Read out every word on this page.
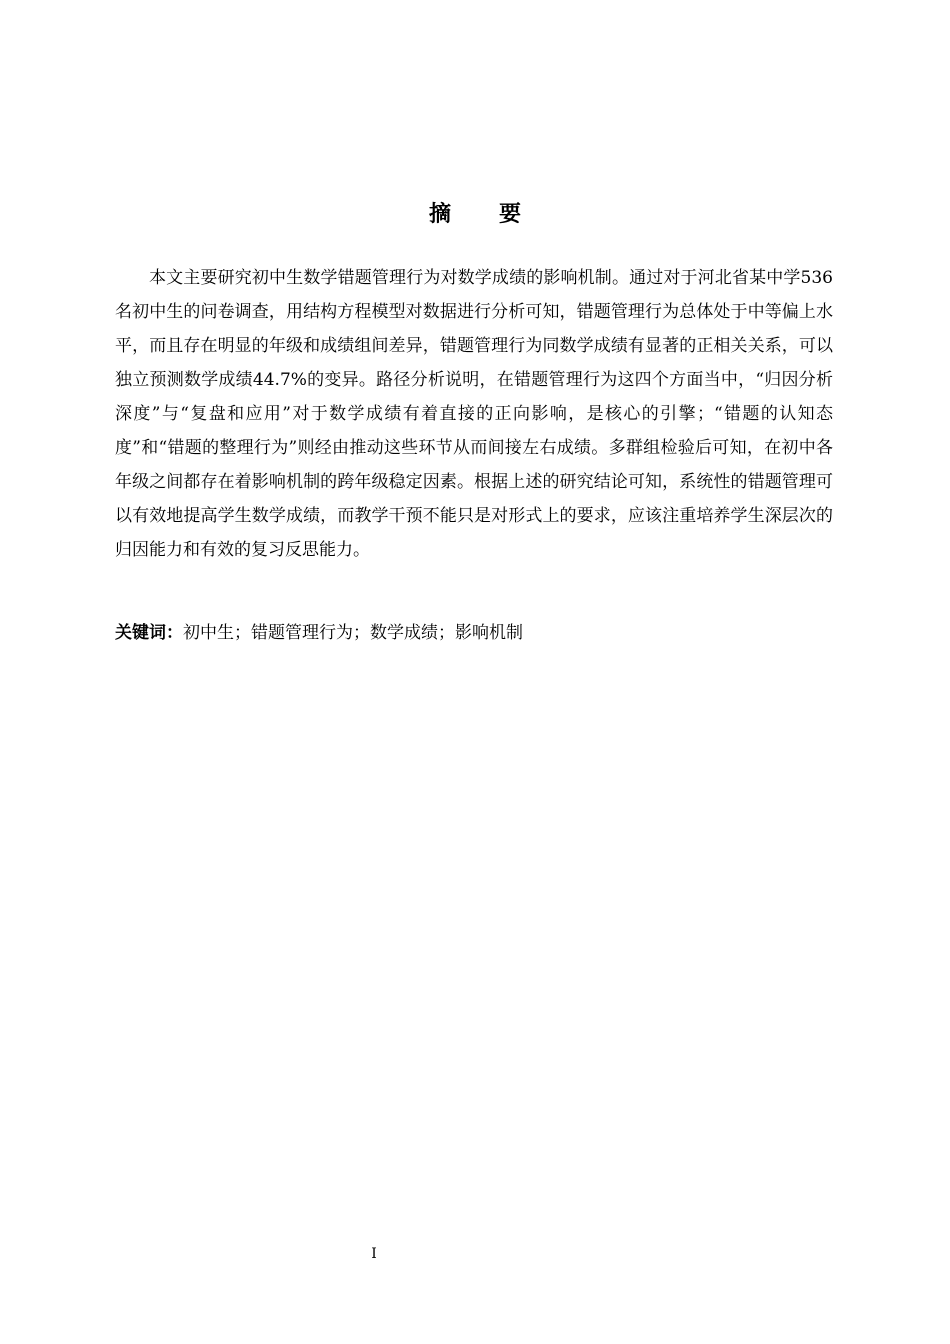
摘 要

本文主要研究初中生数学错题管理行为对数学成绩的影响机制。通过对于河北省某中学536名初中生的问卷调查，用结构方程模型对数据进行分析可知，错题管理行为总体处于中等偏上水平，而且存在明显的年级和成绩组间差异，错题管理行为同数学成绩有显著的正相关关系，可以独立预测数学成绩44.7%的变异。路径分析说明，在错题管理行为这四个方面当中，“归因分析深度”与“复盘和应用”对于数学成绩有着直接的正向影响，是核心的引擎；“错题的认知态度”和“错题的整理行为”则经由推动这些环节从而间接左右成绩。多群组检验后可知，在初中各年级之间都存在着影响机制的跨年级稳定因素。根据上述的研究结论可知，系统性的错题管理可以有效地提高学生数学成绩，而教学干预不能只是对形式上的要求，应该注重培养学生深层次的归因能力和有效的复习反思能力。

关键词：初中生；错题管理行为；数学成绩；影响机制

I
